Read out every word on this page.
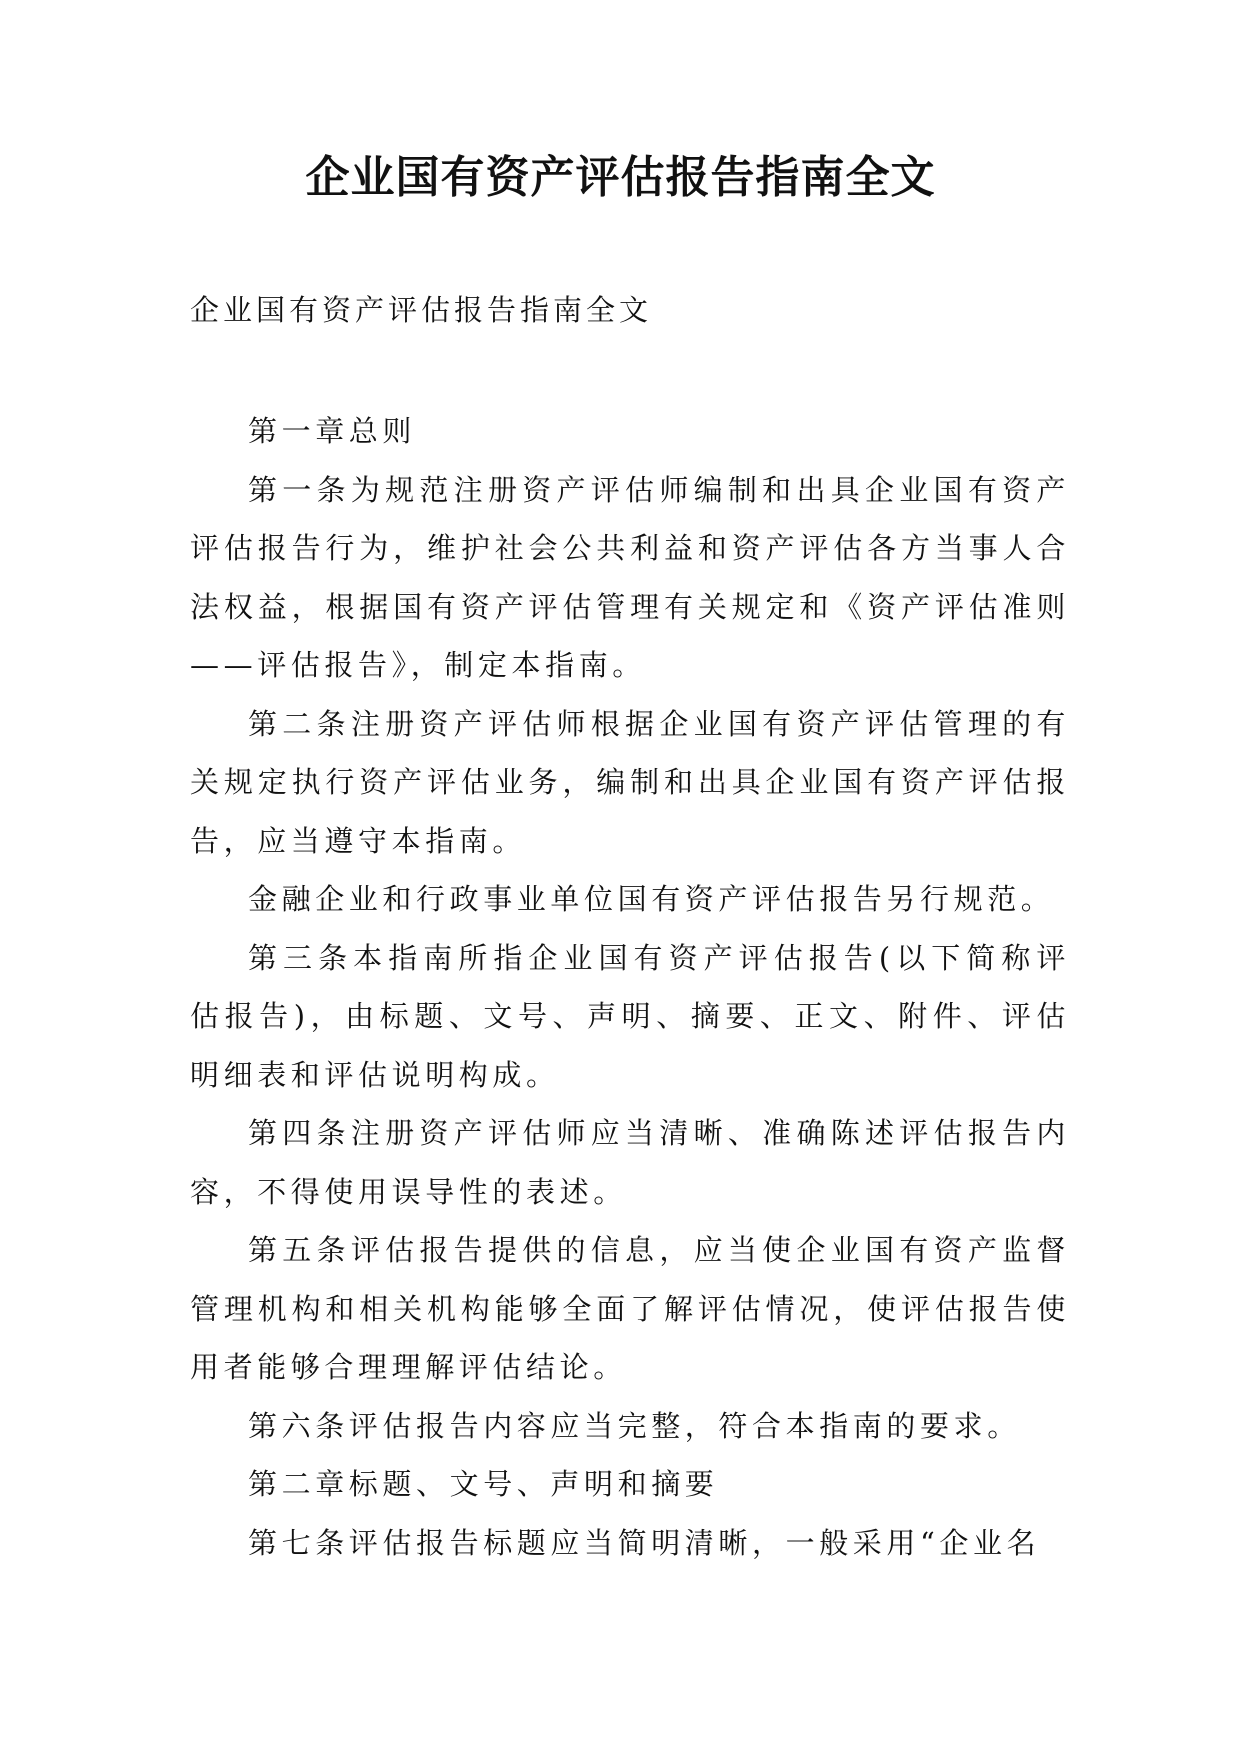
企业国有资产评估报告指南全文
企业国有资产评估报告指南全文

第一章总则

第一条为规范注册资产评估师编制和出具企业国有资产评估报告行为，维护社会公共利益和资产评估各方当事人合法权益，根据国有资产评估管理有关规定和《资产评估准则——评估报告》，制定本指南。

第二条注册资产评估师根据企业国有资产评估管理的有关规定执行资产评估业务，编制和出具企业国有资产评估报告，应当遵守本指南。

金融企业和行政事业单位国有资产评估报告另行规范。

第三条本指南所指企业国有资产评估报告(以下简称评估报告)，由标题、文号、声明、摘要、正文、附件、评估明细表和评估说明构成。

第四条注册资产评估师应当清晰、准确陈述评估报告内容，不得使用误导性的表述。

第五条评估报告提供的信息，应当使企业国有资产监督管理机构和相关机构能够全面了解评估情况，使评估报告使用者能够合理理解评估结论。

第六条评估报告内容应当完整，符合本指南的要求。

第二章标题、文号、声明和摘要

第七条评估报告标题应当简明清晰，一般采用“企业名
